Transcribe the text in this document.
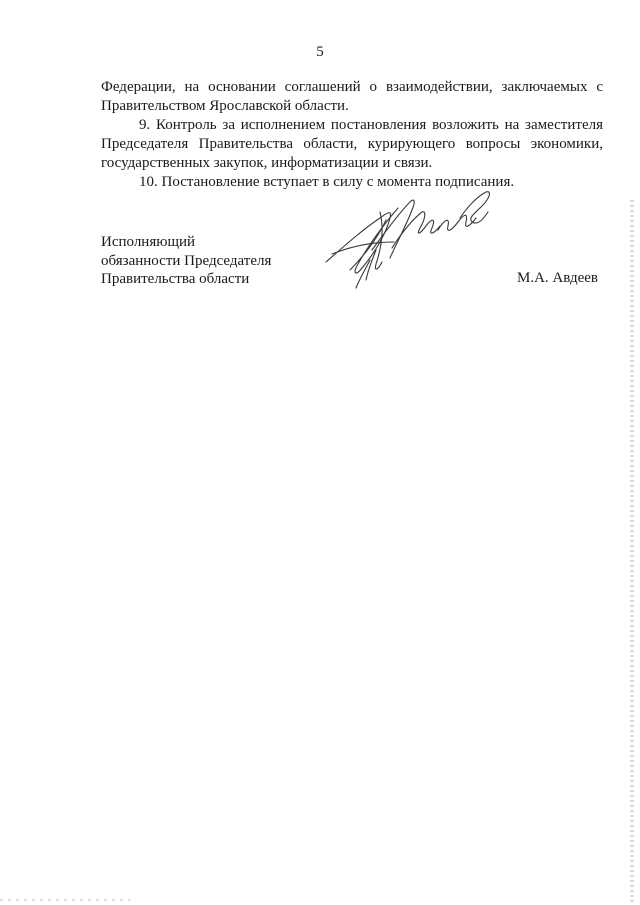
5

Федерации, на основании соглашений о взаимодействии, заключаемых с Правительством Ярославской области.

9. Контроль за исполнением постановления возложить на заместителя Председателя Правительства области, курирующего вопросы экономики, государственных закупок, информатизации и связи.

10. Постановление вступает в силу с момента подписания.

Исполняющий
обязанности Председателя
Правительства области	М.А. Авдеев
